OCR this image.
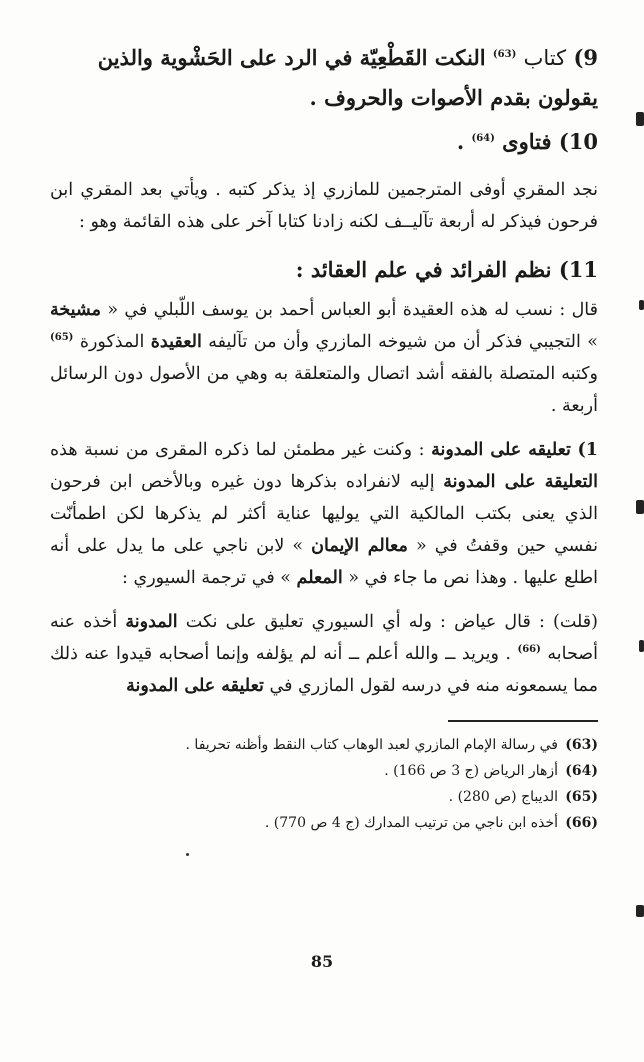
9) كتاب $^{(63)}$ النكت القَطْعِيّة في الرد على الحَشْوية والذين يقولون بقدم الأصوات والحروف .

10) فتاوى $^{(64)}$ .

نجد المقري أوفى المترجمين للمازري إذ يذكر كتبه . ويأتي بعد المقري ابن فرحون فيذكر له أربعة تآليــف لكنه زادنا كتابا آخر على هذه القائمة وهو :

11) نظم الفرائد في علم العقائد :

قال : نسب له هذه العقيدة أبو العباس أحمد بن يوسف اللّبلي في « مشيخة » التجيبي فذكر أن من شيوخه المازري وأن من تآليفه العقيدة المذكورة $^{(65)}$ وكتبه المتصلة بالفقه أشد اتصال والمتعلقة به وهي من الأصول دون الرسائل أربعة .

1) تعليقه على المدونة : وكنت غير مطمئن لما ذكره المقرى من نسبة هذه التعليقة على المدونة إليه لانفراده بذكرها دون غيره وبالأخص ابن فرحون الذي يعنى بكتب المالكية التي يوليها عناية أكثر لم يذكرها لكن اطمأنّت نفسي حين وقفتُ في « معالم الإيمان » لابن ناجي على ما يدل على أنه اطلع عليها . وهذا نص ما جاء في « المعلم » في ترجمة السيوري :

(قلت) : قال عياض : وله أي السيوري تعليق على نكت المدونة أخذه عنه أصحابه $^{(66)}$ . ويريد ــ والله أعلم ــ أنه لم يؤلفه وإنما أصحابه قيدوا عنه ذلك مما يسمعونه منه في درسه لقول المازري في تعليقه على المدونة

(63)في رسالة الإمام المازري لعبد الوهاب كتاب النقط وأظنه تحريفا .

(64)أزهار الرياض (ج 3 ص 166) .

(65)الديباج (ص 280) .

(66)أخذه ابن ناجي من ترتيب المدارك (ج 4 ص 770) .

85
